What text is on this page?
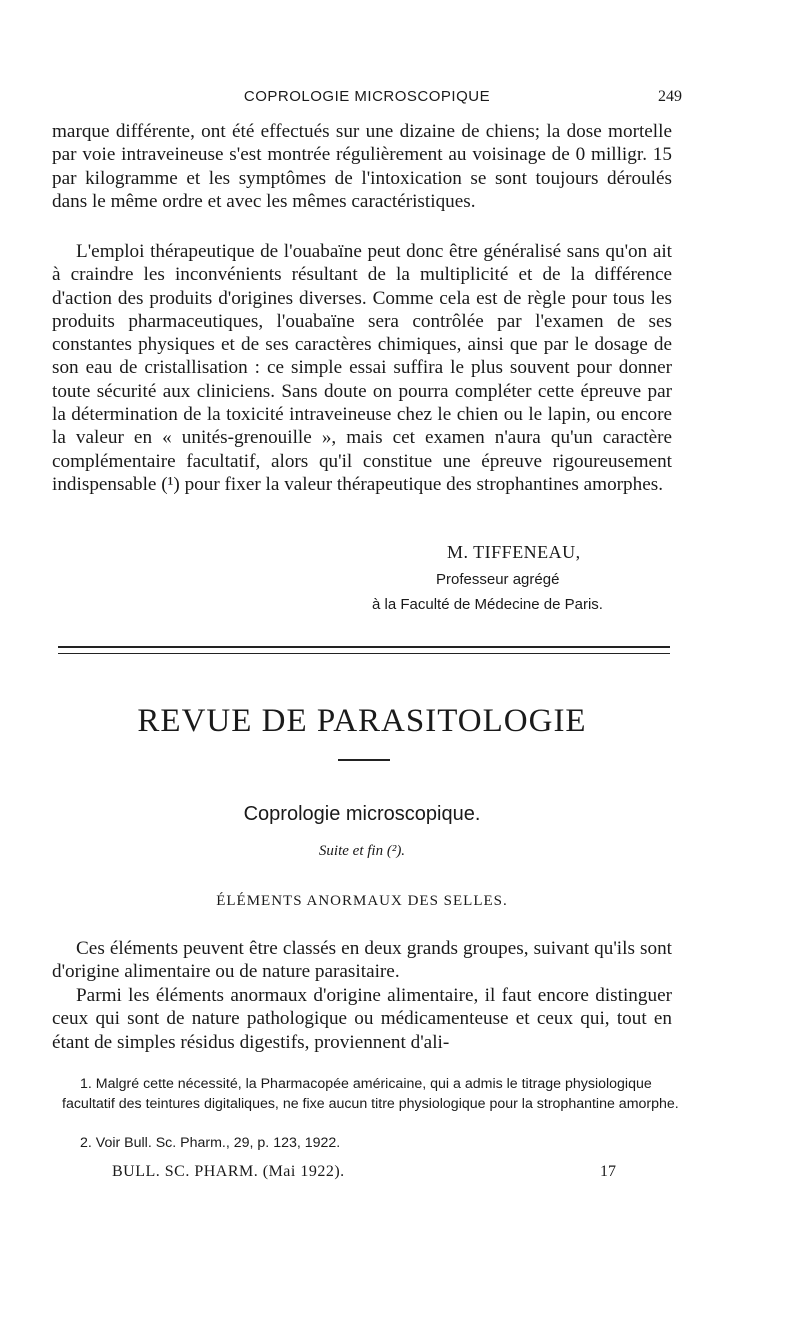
COPROLOGIE MICROSCOPIQUE	249

marque différente, ont été effectués sur une dizaine de chiens; la dose mortelle par voie intraveineuse s'est montrée régulièrement au voisinage de 0 milligr. 15 par kilogramme et les symptômes de l'intoxication se sont toujours déroulés dans le même ordre et avec les mêmes caractéristiques.

L'emploi thérapeutique de l'ouabaïne peut donc être généralisé sans qu'on ait à craindre les inconvénients résultant de la multiplicité et de la différence d'action des produits d'origines diverses. Comme cela est de règle pour tous les produits pharmaceutiques, l'ouabaïne sera contrôlée par l'examen de ses constantes physiques et de ses caractères chimiques, ainsi que par le dosage de son eau de cristallisation : ce simple essai suffira le plus souvent pour donner toute sécurité aux cliniciens. Sans doute on pourra compléter cette épreuve par la détermination de la toxicité intraveineuse chez le chien ou le lapin, ou encore la valeur en « unités-grenouille », mais cet examen n'aura qu'un caractère complémentaire facultatif, alors qu'il constitue une épreuve rigoureusement indispensable (¹) pour fixer la valeur thérapeutique des strophantines amorphes.

M. TIFFENEAU,
Professeur agrégé
à la Faculté de Médecine de Paris.
REVUE DE PARASITOLOGIE
Coprologie microscopique.
Suite et fin (²).
ÉLÉMENTS ANORMAUX DES SELLES.

Ces éléments peuvent être classés en deux grands groupes, suivant qu'ils sont d'origine alimentaire ou de nature parasitaire.

Parmi les éléments anormaux d'origine alimentaire, il faut encore distinguer ceux qui sont de nature pathologique ou médicamenteuse et ceux qui, tout en étant de simples résidus digestifs, proviennent d'ali-

1. Malgré cette nécessité, la Pharmacopée américaine, qui a admis le titrage physiologique facultatif des teintures digitaliques, ne fixe aucun titre physiologique pour la strophantine amorphe.
2. Voir Bull. Sc. Pharm., 29, p. 123, 1922.
BULL. SC. PHARM. (Mai 1922).	17
